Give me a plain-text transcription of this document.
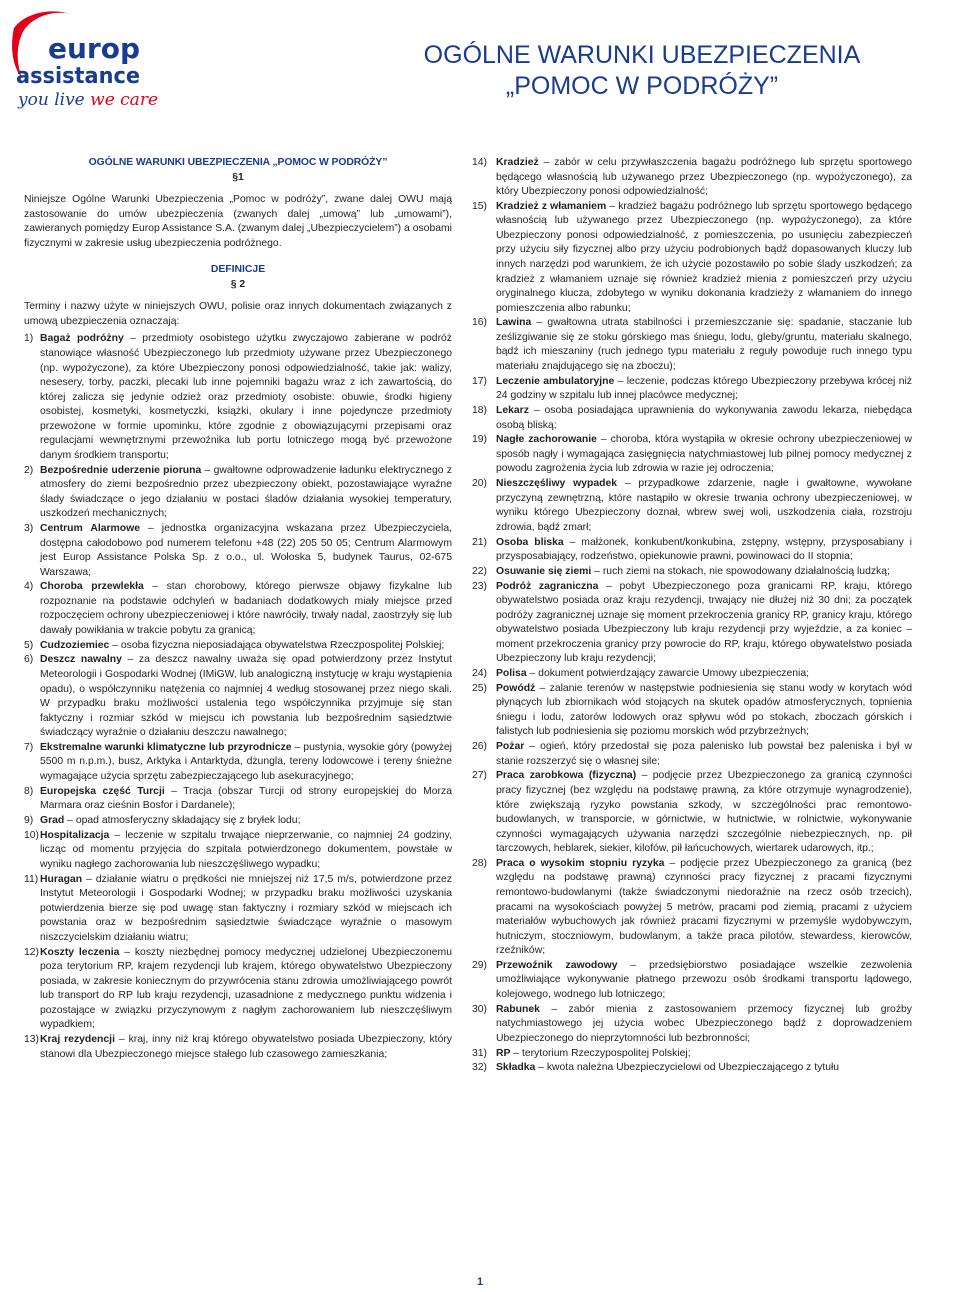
europ
assistance
you live we care
OGÓLNE WARUNKI UBEZPIECZENIA
„POMOC W PODRÓŻY”
OGÓLNE WARUNKI UBEZPIECZENIA „POMOC W PODRÓŻY”
§1

Niniejsze Ogólne Warunki Ubezpieczenia „Pomoc w podróży”, zwane dalej OWU mają zastosowanie do umów ubezpieczenia (zwanych dalej „umową” lub „umowami”), zawieranych pomiędzy Europ Assistance S.A. (zwanym dalej „Ubezpieczycielem”) a osobami fizycznymi w zakresie usług ubezpieczenia podróżnego.

DEFINICJE
§ 2

Terminy i nazwy użyte w niniejszych OWU, polisie oraz innych dokumentach związanych z umową ubezpieczenia oznaczają:

1) Bagaż podróżny – przedmioty osobistego użytku zwyczajowo zabierane w podróż stanowiące własność Ubezpieczonego lub przedmioty używane przez Ubezpieczonego (np. wypożyczone), za które Ubezpieczony ponosi odpowiedzialność, takie jak: walizy, nesesery, torby, paczki, plecaki lub inne pojemniki bagażu wraz z ich zawartością, do której zalicza się jedynie odzież oraz przedmioty osobiste: obuwie, środki higieny osobistej, kosmetyki, kosmetyczki, książki, okulary i inne pojedyncze przedmioty przewożone w formie upominku, które zgodnie z obowiązującymi przepisami oraz regulacjami wewnętrznymi przewoźnika lub portu lotniczego mogą być przewożone danym środkiem transportu;
2) Bezpośrednie uderzenie pioruna – gwałtowne odprowadzenie ładunku elektrycznego z atmosfery do ziemi bezpośrednio przez ubezpieczony obiekt, pozostawiające wyraźne ślady świadczące o jego działaniu w postaci śladów działania wysokiej temperatury, uszkodzeń mechanicznych;
3) Centrum Alarmowe – jednostka organizacyjna wskazana przez Ubezpieczyciela, dostępna całodobowo pod numerem telefonu +48 (22) 205 50 05; Centrum Alarmowym jest Europ Assistance Polska Sp. z o.o., ul. Wołoska 5, budynek Taurus, 02-675 Warszawa;
4) Choroba przewlekła – stan chorobowy, którego pierwsze objawy fizykalne lub rozpoznanie na podstawie odchyleń w badaniach dodatkowych miały miejsce przed rozpoczęciem ochrony ubezpieczeniowej i które nawróciły, trwały nadal, zaostrzyły się lub dawały powikłania w trakcie pobytu za granicą;
5) Cudzoziemiec – osoba fizyczna nieposiadająca obywatelstwa Rzeczpospolitej Polskiej;
6) Deszcz nawalny – za deszcz nawalny uważa się opad potwierdzony przez Instytut Meteorologii i Gospodarki Wodnej (IMiGW, lub analogiczną instytucję w kraju wystąpienia opadu), o współczynniku natężenia co najmniej 4 według stosowanej przez niego skali. W przypadku braku możliwości ustalenia tego współczynnika przyjmuje się stan faktyczny i rozmiar szkód w miejscu ich powstania lub bezpośrednim sąsiedztwie świadczący wyraźnie o działaniu deszczu nawalnego;
7) Ekstremalne warunki klimatyczne lub przyrodnicze – pustynia, wysokie góry (powyżej 5500 m n.p.m.), busz, Arktyka i Antarktyda, dżungla, tereny lodowcowe i tereny śnieżne wymagające użycia sprzętu zabezpieczającego lub asekuracyjnego;
8) Europejska część Turcji – Tracja (obszar Turcji od strony europejskiej do Morza Marmara oraz cieśnin Bosfor i Dardanele);
9) Grad – opad atmosferyczny składający się z bryłek lodu;
10) Hospitalizacja – leczenie w szpitalu trwające nieprzerwanie, co najmniej 24 godziny, licząc od momentu przyjęcia do szpitala potwierdzonego dokumentem, powstałe w wyniku nagłego zachorowania lub nieszczęśliwego wypadku;
11) Huragan – działanie wiatru o prędkości nie mniejszej niż 17,5 m/s, potwierdzone przez Instytut Meteorologii i Gospodarki Wodnej; w przypadku braku możliwości uzyskania potwierdzenia bierze się pod uwagę stan faktyczny i rozmiary szkód w miejscach ich powstania oraz w bezpośrednim sąsiedztwie świadczące wyraźnie o masowym niszczycielskim działaniu wiatru;
12) Koszty leczenia – koszty niezbędnej pomocy medycznej udzielonej Ubezpieczonemu poza terytorium RP, krajem rezydencji lub krajem, którego obywatelstwo Ubezpieczony posiada, w zakresie koniecznym do przywrócenia stanu zdrowia umożliwiającego powrót lub transport do RP lub kraju rezydencji, uzasadnione z medycznego punktu widzenia i pozostające w związku przyczynowym z nagłym zachorowaniem lub nieszczęśliwym wypadkiem;
13) Kraj rezydencji – kraj, inny niż kraj którego obywatelstwo posiada Ubezpieczony, który stanowi dla Ubezpieczonego miejsce stałego lub czasowego zamieszkania;
14) Kradzież – zabór w celu przywłaszczenia bagażu podróżnego lub sprzętu sportowego będącego własnością lub używanego przez Ubezpieczonego (np. wypożyczonego), za który Ubezpieczony ponosi odpowiedzialność;
15) Kradzież z włamaniem – kradzież bagażu podróżnego lub sprzętu sportowego będącego własnością lub używanego przez Ubezpieczonego (np. wypożyczonego), za które Ubezpieczony ponosi odpowiedzialność, z pomieszczenia, po usunięciu zabezpieczeń przy użyciu siły fizycznej albo przy użyciu podrobionych bądź dopasowanych kluczy lub innych narzędzi pod warunkiem, że ich użycie pozostawiło po sobie ślady uszkodzeń; za kradzież z włamaniem uznaje się również kradzież mienia z pomieszczeń przy użyciu oryginalnego klucza, zdobytego w wyniku dokonania kradzieży z włamaniem do innego pomieszczenia albo rabunku;
16) Lawina – gwałtowna utrata stabilności i przemieszczanie się: spadanie, staczanie lub ześlizgiwanie się ze stoku górskiego mas śniegu, lodu, gleby/gruntu, materiału skalnego, bądź ich mieszaniny (ruch jednego typu materiału z reguły powoduje ruch innego typu materiału znajdującego się na zboczu);
17) Leczenie ambulatoryjne – leczenie, podczas którego Ubezpieczony przebywa krócej niż 24 godziny w szpitalu lub innej placówce medycznej;
18) Lekarz – osoba posiadająca uprawnienia do wykonywania zawodu lekarza, niebędąca osobą bliską;
19) Nagłe zachorowanie – choroba, która wystąpiła w okresie ochrony ubezpieczeniowej w sposób nagły i wymagająca zasięgnięcia natychmiastowej lub pilnej pomocy medycznej z powodu zagrożenia życia lub zdrowia w razie jej odroczenia;
20) Nieszczęśliwy wypadek – przypadkowe zdarzenie, nagłe i gwałtowne, wywołane przyczyną zewnętrzną, które nastąpiło w okresie trwania ochrony ubezpieczeniowej, w wyniku którego Ubezpieczony doznał, wbrew swej woli, uszkodzenia ciała, rozstroju zdrowia, bądź zmarł;
21) Osoba bliska – małżonek, konkubent/konkubina, zstępny, wstępny, przysposabiany i przysposabiający, rodzeństwo, opiekunowie prawni, powinowaci do II stopnia;
22) Osuwanie się ziemi – ruch ziemi na stokach, nie spowodowany działalnością ludzką;
23) Podróż zagraniczna – pobyt Ubezpieczonego poza granicami RP, kraju, którego obywatelstwo posiada oraz kraju rezydencji, trwający nie dłużej niż 30 dni; za początek podróży zagranicznej uznaje się moment przekroczenia granicy RP, granicy kraju, którego obywatelstwo posiada Ubezpieczony lub kraju rezydencji przy wyjeździe, a za koniec – moment przekroczenia granicy przy powrocie do RP, kraju, którego obywatelstwo posiada Ubezpieczony lub kraju rezydencji;
24) Polisa – dokument potwierdzający zawarcie Umowy ubezpieczenia;
25) Powódź – zalanie terenów w następstwie podniesienia się stanu wody w korytach wód płynących lub zbiornikach wód stojących na skutek opadów atmosferycznych, topnienia śniegu i lodu, zatorów lodowych oraz spływu wód po stokach, zboczach górskich i falistych lub podniesienia się poziomu morskich wód przybrzeżnych;
26) Pożar – ogień, który przedostał się poza palenisko lub powstał bez paleniska i był w stanie rozszerzyć się o własnej sile;
27) Praca zarobkowa (fizyczna) – podjęcie przez Ubezpieczonego za granicą czynności pracy fizycznej (bez względu na podstawę prawną, za które otrzymuje wynagrodzenie), które zwiększają ryzyko powstania szkody, w szczególności prac remontowo-budowlanych, w transporcie, w górnictwie, w hutnictwie, w rolnictwie, wykonywanie czynności wymagających używania narzędzi szczególnie niebezpiecznych, np. pił tarczowych, heblarek, siekier, kilofów, pił łańcuchowych, wiertarek udarowych, itp.;
28) Praca o wysokim stopniu ryzyka – podjęcie przez Ubezpieczonego za granicą (bez względu na podstawę prawną) czynności pracy fizycznej z pracami fizycznymi remontowo-budowlanymi (także świadczonymi niedoraźnie na rzecz osób trzecich), pracami na wysokościach powyżej 5 metrów, pracami pod ziemią, pracami z użyciem materiałów wybuchowych jak również pracami fizycznymi w przemyśle wydobywczym, hutniczym, stoczniowym, budowlanym, a także praca pilotów, stewardess, kierowców, rzeźników;
29) Przewoźnik zawodowy – przedsiębiorstwo posiadające wszelkie zezwolenia umożliwiające wykonywanie płatnego przewozu osób środkami transportu lądowego, kolejowego, wodnego lub lotniczego;
30) Rabunek – zabór mienia z zastosowaniem przemocy fizycznej lub groźby natychmiastowego jej użycia wobec Ubezpieczonego bądź z doprowadzeniem Ubezpieczonego do nieprzytomności lub bezbronności;
31) RP – terytorium Rzeczypospolitej Polskiej;
32) Składka – kwota należna Ubezpieczycielowi od Ubezpieczającego z tytułu
1
